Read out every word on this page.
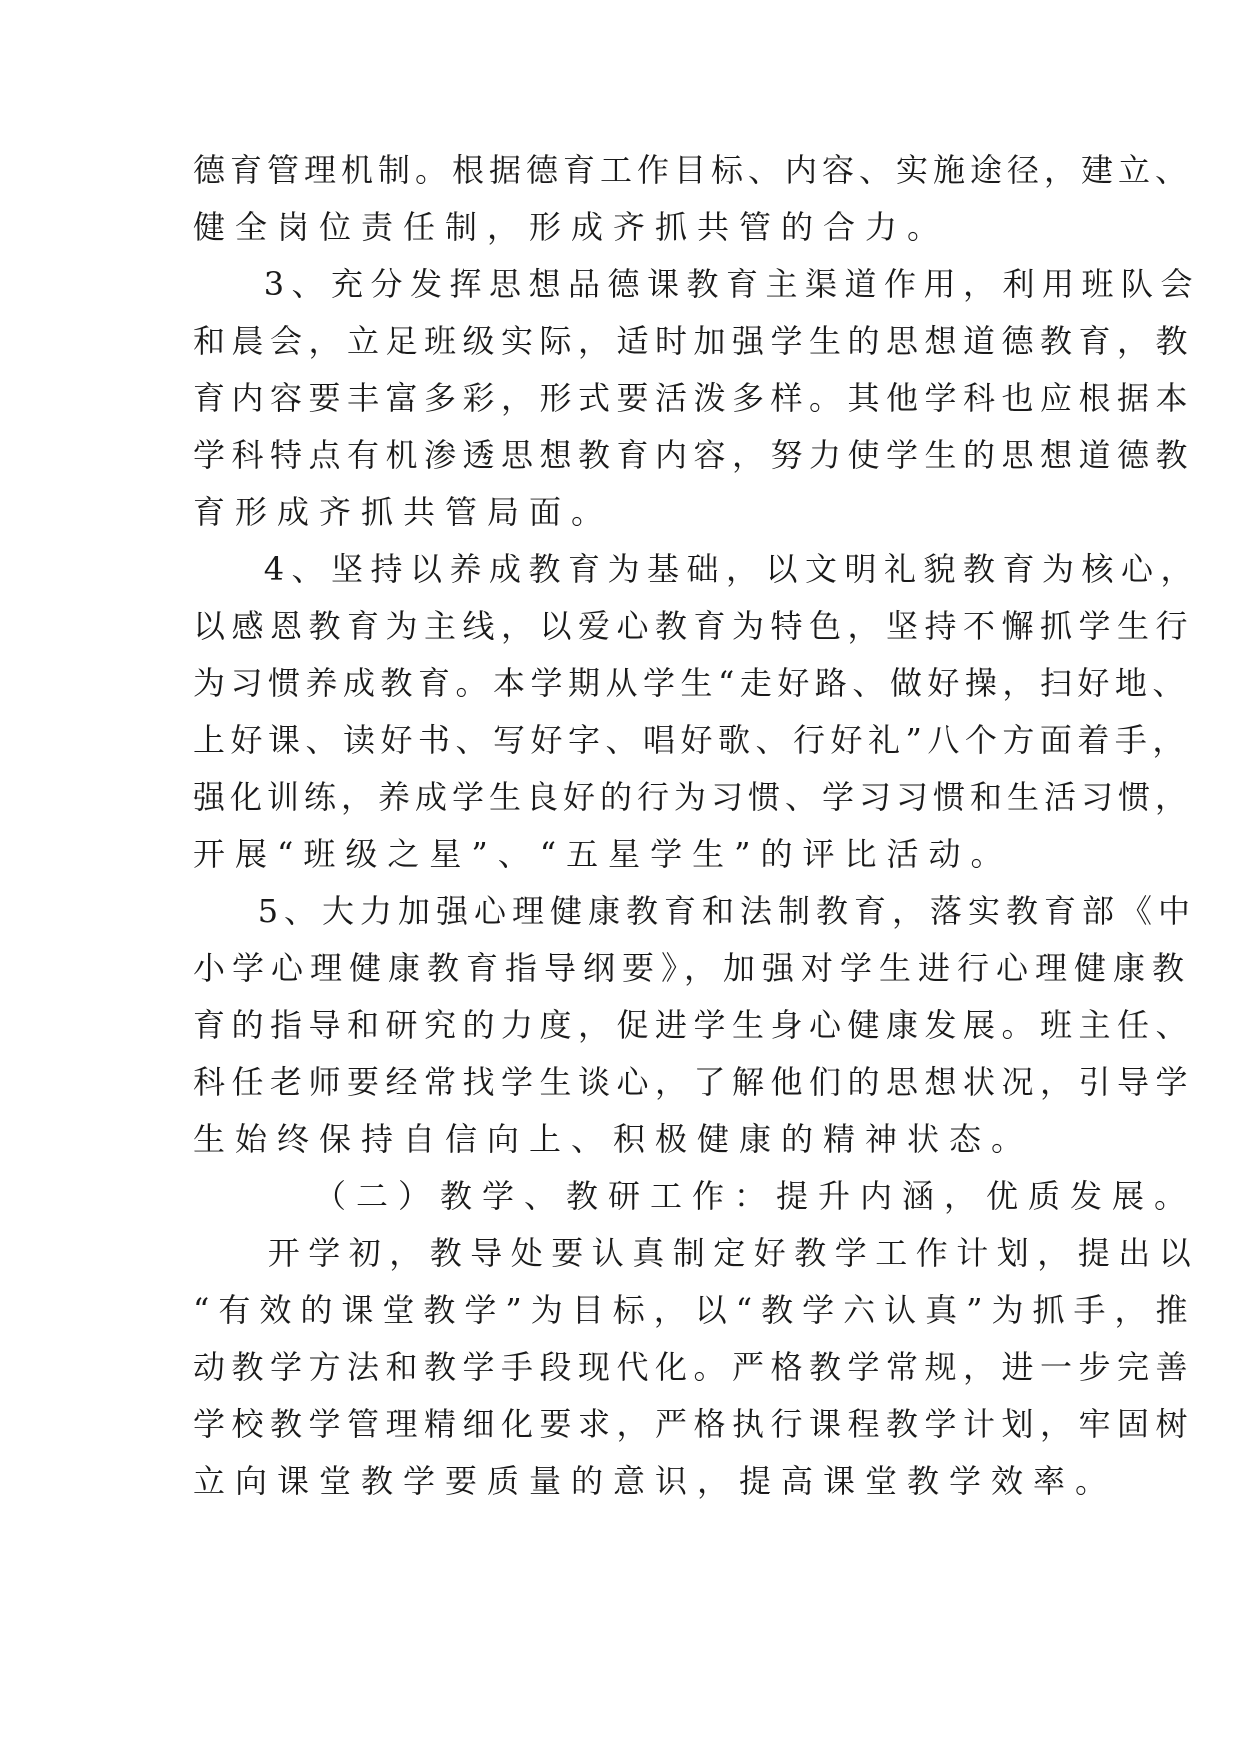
德育管理机制。根据德育工作目标、内容、实施途径，建立、
健全岗位责任制，形成齐抓共管的合力。
3、充分发挥思想品德课教育主渠道作用，利用班队会
和晨会，立足班级实际，适时加强学生的思想道德教育，教
育内容要丰富多彩，形式要活泼多样。其他学科也应根据本
学科特点有机渗透思想教育内容，努力使学生的思想道德教
育形成齐抓共管局面。
4、坚持以养成教育为基础，以文明礼貌教育为核心，
以感恩教育为主线，以爱心教育为特色，坚持不懈抓学生行
为习惯养成教育。本学期从学生“走好路、做好操，扫好地、
上好课、读好书、写好字、唱好歌、行好礼”八个方面着手，
强化训练，养成学生良好的行为习惯、学习习惯和生活习惯，
开展“班级之星”、“五星学生”的评比活动。
5、大力加强心理健康教育和法制教育，落实教育部《中
小学心理健康教育指导纲要》，加强对学生进行心理健康教
育的指导和研究的力度，促进学生身心健康发展。班主任、
科任老师要经常找学生谈心，了解他们的思想状况，引导学
生始终保持自信向上、积极健康的精神状态。
（二）教学、教研工作：提升内涵，优质发展。
开学初，教导处要认真制定好教学工作计划，提出以
“有效的课堂教学”为目标，以“教学六认真”为抓手，推
动教学方法和教学手段现代化。严格教学常规，进一步完善
学校教学管理精细化要求，严格执行课程教学计划，牢固树
立向课堂教学要质量的意识，提高课堂教学效率。
